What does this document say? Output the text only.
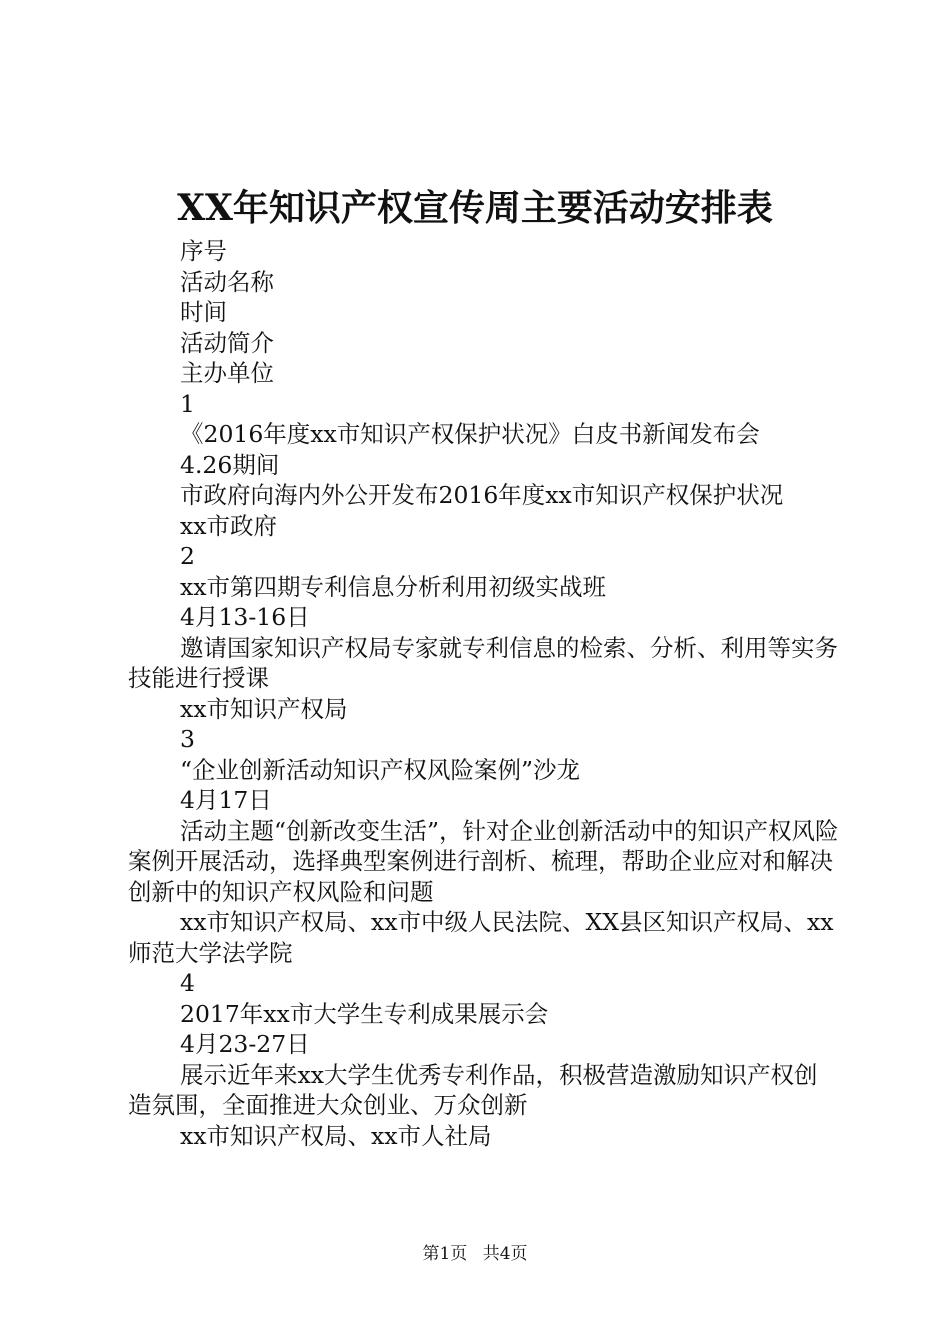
XX年知识产权宣传周主要活动安排表

序号

活动名称

时间

活动简介

主办单位

1

《2016年度xx市知识产权保护状况》白皮书新闻发布会

4.26期间

市政府向海内外公开发布2016年度xx市知识产权保护状况

xx市政府

2

xx市第四期专利信息分析利用初级实战班

4月13-16日

邀请国家知识产权局专家就专利信息的检索、分析、利用等实务技能进行授课

xx市知识产权局

3

“企业创新活动知识产权风险案例”沙龙

4月17日

活动主题“创新改变生活”，针对企业创新活动中的知识产权风险案例开展活动，选择典型案例进行剖析、梳理，帮助企业应对和解决创新中的知识产权风险和问题

xx市知识产权局、xx市中级人民法院、XX县区知识产权局、xx师范大学法学院

4

2017年xx市大学生专利成果展示会

4月23-27日

展示近年来xx大学生优秀专利作品，积极营造激励知识产权创造氛围，全面推进大众创业、万众创新

xx市知识产权局、xx市人社局

第1页 共4页
